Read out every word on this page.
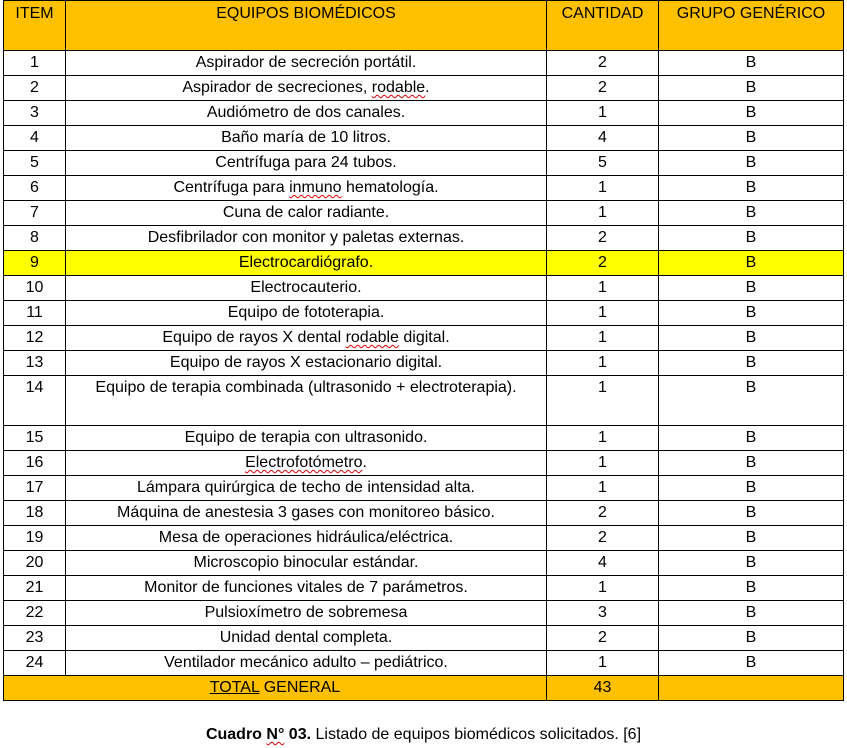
ITEM	EQUIPOS BIOMÉDICOS	CANTIDAD	GRUPO GENÉRICO
1	Aspirador de secreción portátil.	2	B
2	Aspirador de secreciones, rodable.	2	B
3	Audiómetro de dos canales.	1	B
4	Baño maría de 10 litros.	4	B
5	Centrífuga para 24 tubos.	5	B
6	Centrífuga para inmuno hematología.	1	B
7	Cuna de calor radiante.	1	B
8	Desfibrilador con monitor y paletas externas.	2	B
9	Electrocardiógrafo.	2	B
10	Electrocauterio.	1	B
11	Equipo de fototerapia.	1	B
12	Equipo de rayos X dental rodable digital.	1	B
13	Equipo de rayos X estacionario digital.	1	B
14	Equipo de terapia combinada (ultrasonido + electroterapia).	1	B
15	Equipo de terapia con ultrasonido.	1	B
16	Electrofotómetro.	1	B
17	Lámpara quirúrgica de techo de intensidad alta.	1	B
18	Máquina de anestesia 3 gases con monitoreo básico.	2	B
19	Mesa de operaciones hidráulica/eléctrica.	2	B
20	Microscopio binocular estándar.	4	B
21	Monitor de funciones vitales de 7 parámetros.	1	B
22	Pulsioxímetro de sobremesa	3	B
23	Unidad dental completa.	2	B
24	Ventilador mecánico adulto – pediátrico.	1	B
TOTAL GENERAL		43	
Cuadro N° 03. Listado de equipos biomédicos solicitados. [6]
